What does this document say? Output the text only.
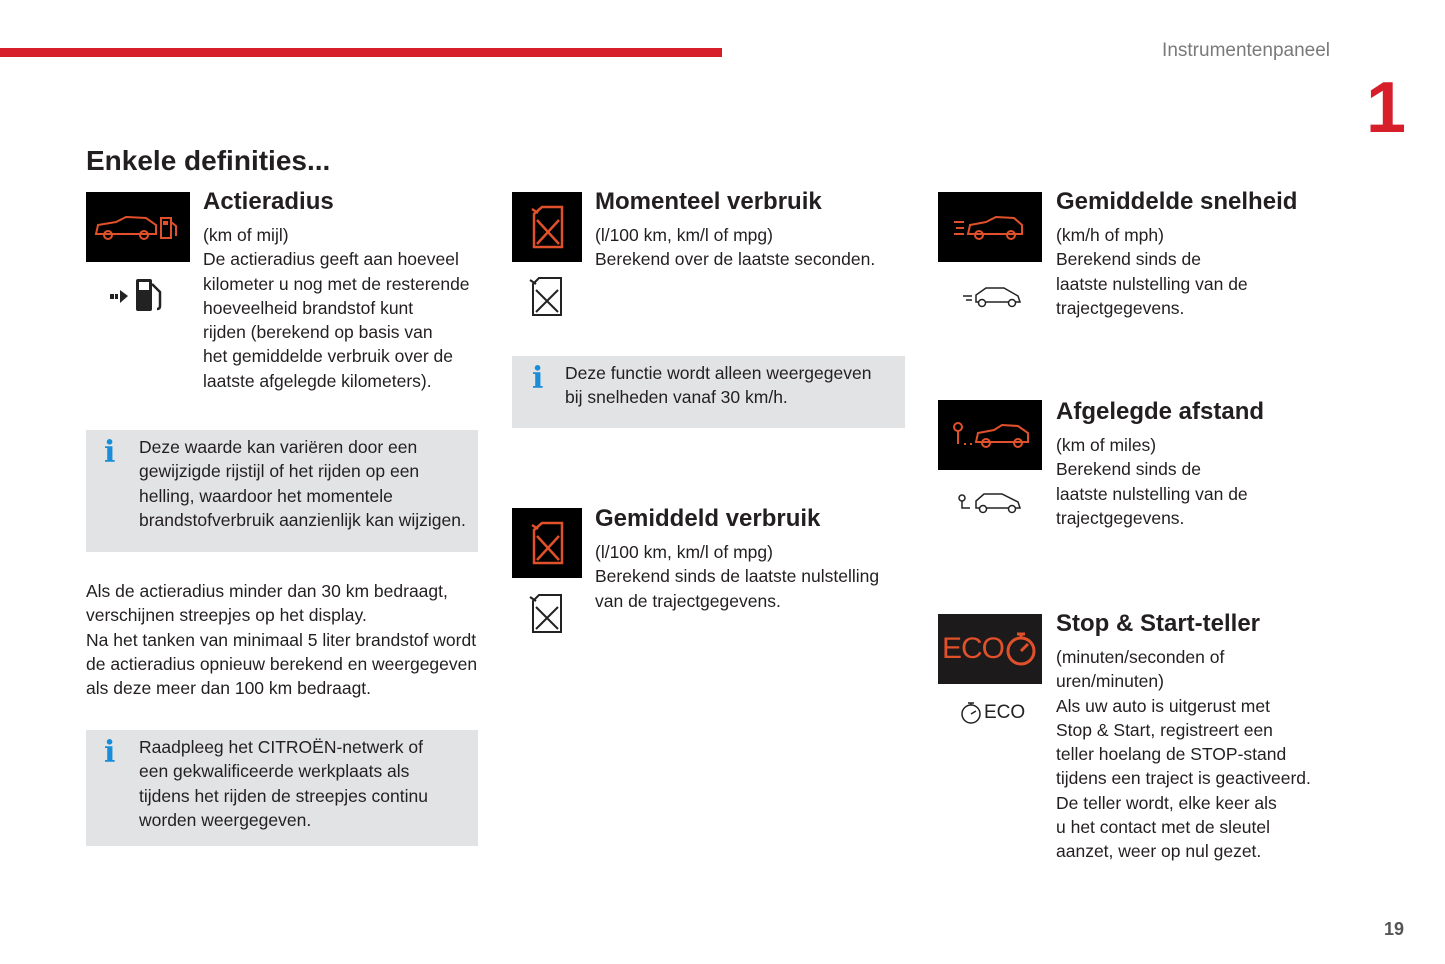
Instrumentenpaneel
1
Enkele definities...
Actieradius
(km of mijl)
De actieradius geeft aan hoeveel
kilometer u nog met de resterende
hoeveelheid brandstof kunt
rijden (berekend op basis van
het gemiddelde verbruik over de
laatste afgelegde kilometers).
i Deze waarde kan variëren door een
gewijzigde rijstijl of het rijden op een
helling, waardoor het momentele
brandstofverbruik aanzienlijk kan wijzigen.
Als de actieradius minder dan 30 km bedraagt,
verschijnen streepjes op het display.
Na het tanken van minimaal 5 liter brandstof wordt
de actieradius opnieuw berekend en weergegeven
als deze meer dan 100 km bedraagt.
i Raadpleeg het CITROËN-netwerk of
een gekwalificeerde werkplaats als
tijdens het rijden de streepjes continu
worden weergegeven.
Momenteel verbruik
(l/100 km, km/l of mpg)
Berekend over de laatste seconden.
i Deze functie wordt alleen weergegeven
bij snelheden vanaf 30 km/h.
Gemiddeld verbruik
(l/100 km, km/l of mpg)
Berekend sinds de laatste nulstelling
van de trajectgegevens.
Gemiddelde snelheid
(km/h of mph)
Berekend sinds de
laatste nulstelling van de
trajectgegevens.
Afgelegde afstand
(km of miles)
Berekend sinds de
laatste nulstelling van de
trajectgegevens.
ECO
ECO
Stop & Start-teller
(minuten/seconden of
uren/minuten)
Als uw auto is uitgerust met
Stop & Start, registreert een
teller hoelang de STOP-stand
tijdens een traject is geactiveerd.
De teller wordt, elke keer als
u het contact met de sleutel
aanzet, weer op nul gezet.
19
